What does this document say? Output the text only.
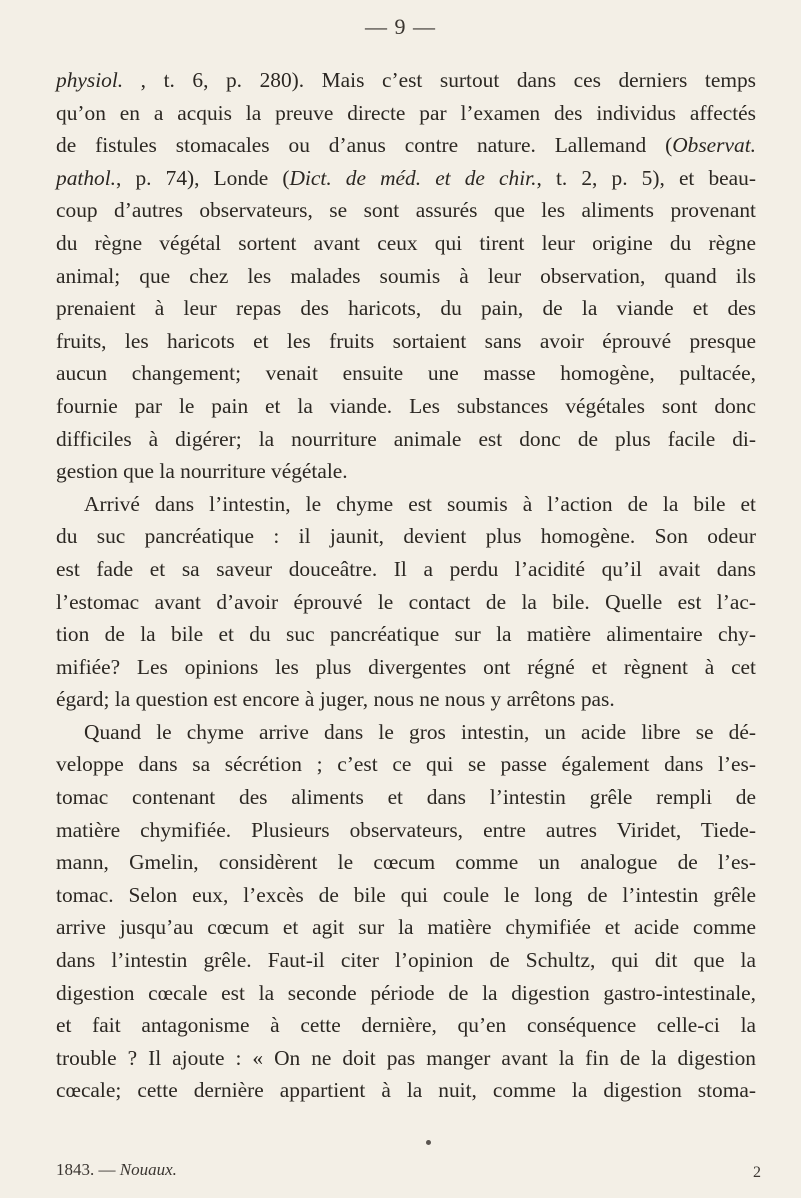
— 9 —
physiol. , t. 6, p. 280). Mais c’est surtout dans ces derniers temps
qu’on en a acquis la preuve directe par l’examen des individus affectés
de fistules stomacales ou d’anus contre nature. Lallemand (Observat.
pathol., p. 74), Londe (Dict. de méd. et de chir., t. 2, p. 5), et beau-
coup d’autres observateurs, se sont assurés que les aliments provenant
du règne végétal sortent avant ceux qui tirent leur origine du règne
animal; que chez les malades soumis à leur observation, quand ils
prenaient à leur repas des haricots, du pain, de la viande et des
fruits, les haricots et les fruits sortaient sans avoir éprouvé presque
aucun changement; venait ensuite une masse homogène, pultacée,
fournie par le pain et la viande. Les substances végétales sont donc
difficiles à digérer; la nourriture animale est donc de plus facile di-
gestion que la nourriture végétale.
Arrivé dans l’intestin, le chyme est soumis à l’action de la bile et
du suc pancréatique : il jaunit, devient plus homogène. Son odeur
est fade et sa saveur douceâtre. Il a perdu l’acidité qu’il avait dans
l’estomac avant d’avoir éprouvé le contact de la bile. Quelle est l’ac-
tion de la bile et du suc pancréatique sur la matière alimentaire chy-
mifiée? Les opinions les plus divergentes ont régné et règnent à cet
égard; la question est encore à juger, nous ne nous y arrêtons pas.
Quand le chyme arrive dans le gros intestin, un acide libre se dé-
veloppe dans sa sécrétion ; c’est ce qui se passe également dans l’es-
tomac contenant des aliments et dans l’intestin grêle rempli de
matière chymifiée. Plusieurs observateurs, entre autres Viridet, Tiede-
mann, Gmelin, considèrent le cœcum comme un analogue de l’es-
tomac. Selon eux, l’excès de bile qui coule le long de l’intestin grêle
arrive jusqu’au cœcum et agit sur la matière chymifiée et acide comme
dans l’intestin grêle. Faut-il citer l’opinion de Schultz, qui dit que la
digestion cœcale est la seconde période de la digestion gastro-intestinale,
et fait antagonisme à cette dernière, qu’en conséquence celle-ci la
trouble ? Il ajoute : « On ne doit pas manger avant la fin de la digestion
cœcale; cette dernière appartient à la nuit, comme la digestion stoma-
1843. — Nouaux.	2
